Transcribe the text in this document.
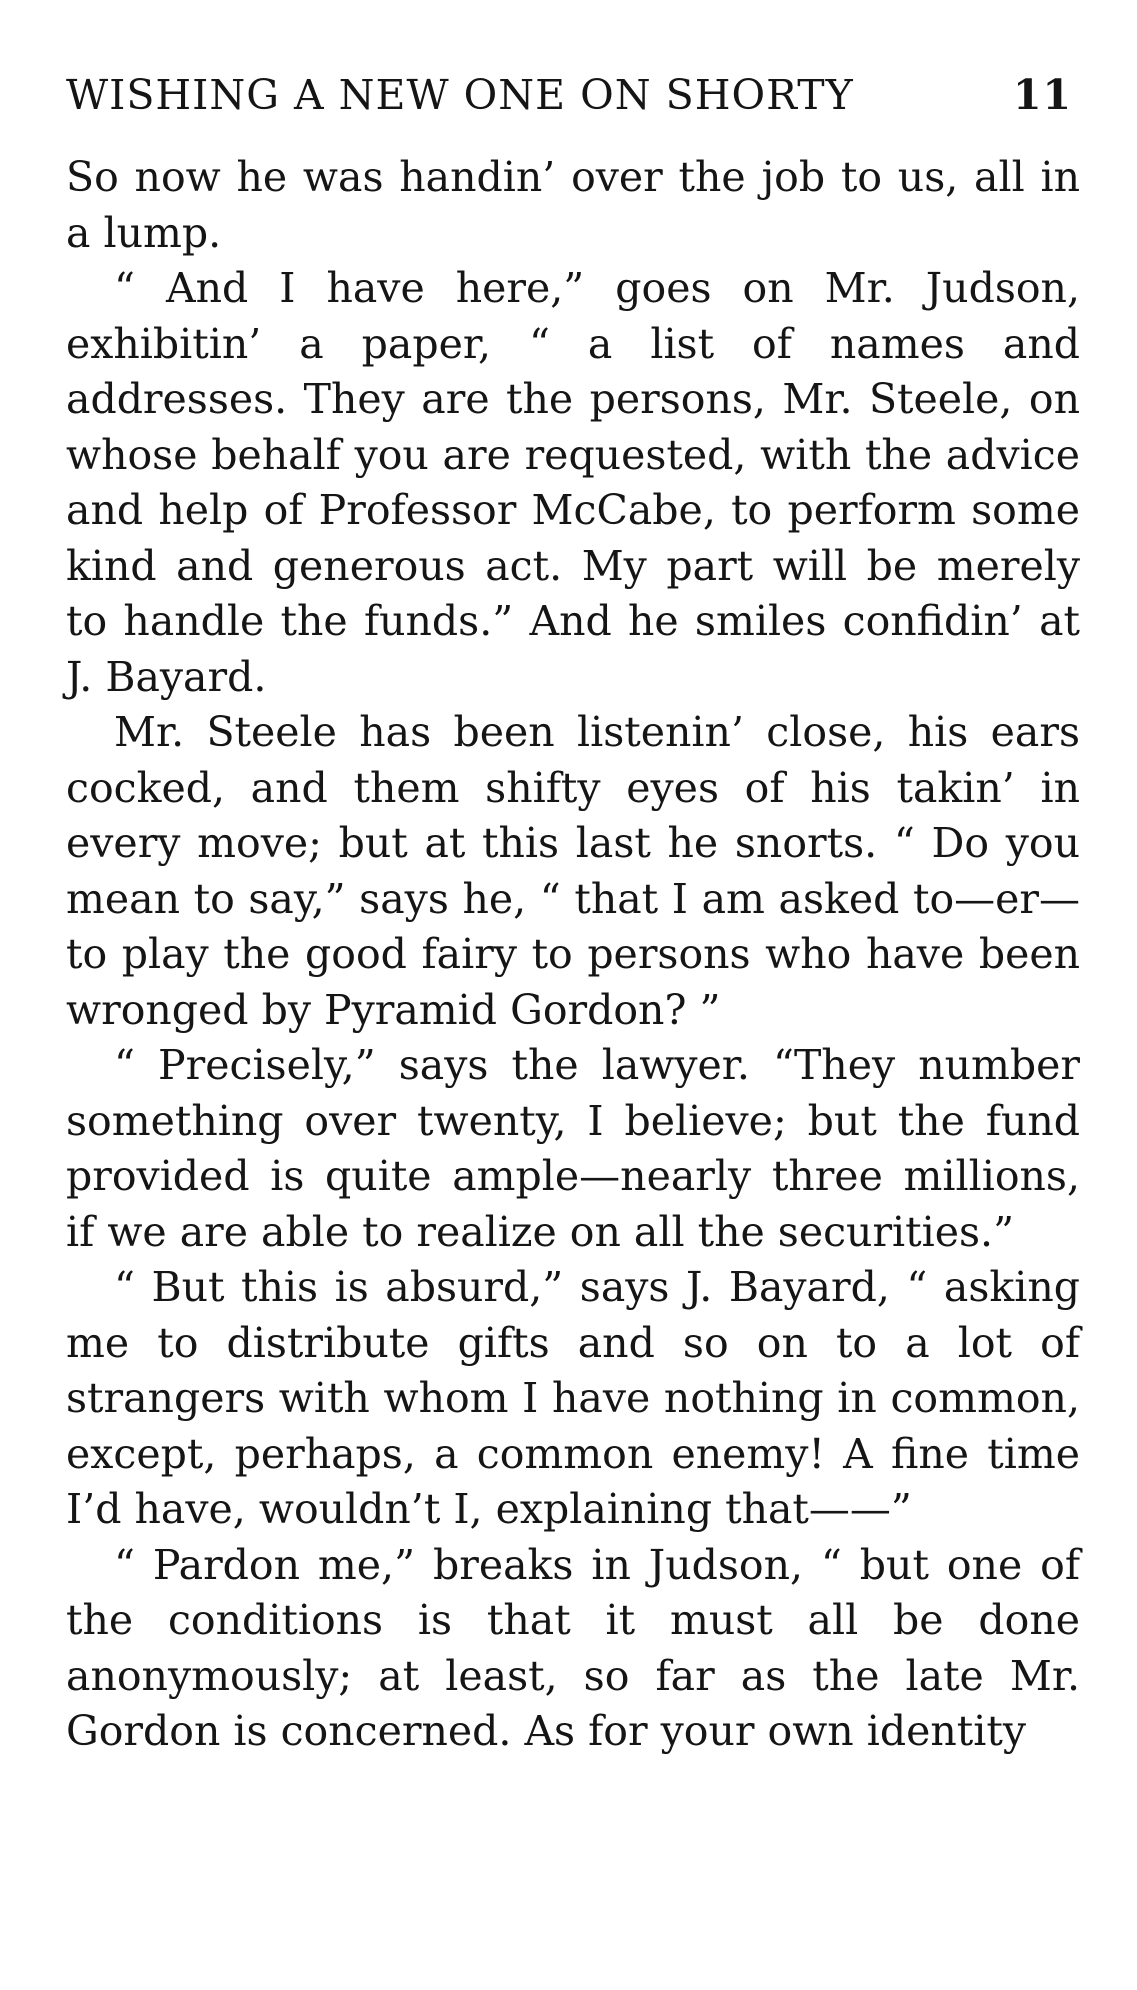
WISHING A NEW ONE ON SHORTY	11

So now he was handin’ over the job to us, all in a lump.

“ And I have here,” goes on Mr. Judson, exhibitin’ a paper, “ a list of names and addresses. They are the persons, Mr. Steele, on whose behalf you are requested, with the advice and help of Professor McCabe, to perform some kind and generous act. My part will be merely to handle the funds.” And he smiles confidin’ at J. Bayard.

Mr. Steele has been listenin’ close, his ears cocked, and them shifty eyes of his takin’ in every move; but at this last he snorts. “ Do you mean to say,” says he, “ that I am asked to—er—to play the good fairy to persons who have been wronged by Pyramid Gordon? ”

“ Precisely,” says the lawyer. “They number something over twenty, I believe; but the fund provided is quite ample—nearly three millions, if we are able to realize on all the securities.”

“ But this is absurd,” says J. Bayard, “ asking me to distribute gifts and so on to a lot of strangers with whom I have nothing in common, except, perhaps, a common enemy! A fine time I’d have, wouldn’t I, explaining that——”

“ Pardon me,” breaks in Judson, “ but one of the conditions is that it must all be done anonymously; at least, so far as the late Mr. Gordon is concerned. As for your own identity
